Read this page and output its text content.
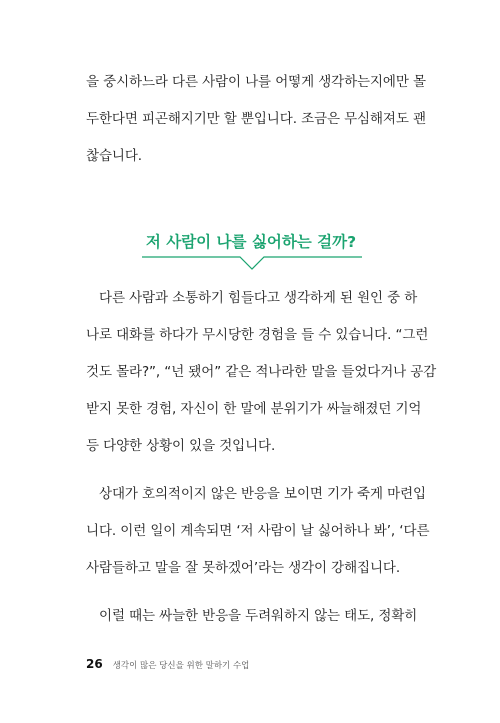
을 중시하느라 다른 사람이 나를 어떻게 생각하는지에만 몰
두한다면 피곤해지기만 할 뿐입니다. 조금은 무심해져도 괜
찮습니다.
저 사람이 나를 싫어하는 걸까?
다른 사람과 소통하기 힘들다고 생각하게 된 원인 중 하
나로 대화를 하다가 무시당한 경험을 들 수 있습니다. “그런
것도 몰라?”, “넌 됐어” 같은 적나라한 말을 들었다거나 공감
받지 못한 경험, 자신이 한 말에 분위기가 싸늘해졌던 기억
등 다양한 상황이 있을 것입니다.
상대가 호의적이지 않은 반응을 보이면 기가 죽게 마련입
니다. 이런 일이 계속되면 ‘저 사람이 날 싫어하나 봐’, ‘다른
사람들하고 말을 잘 못하겠어’라는 생각이 강해집니다.
이럴 때는 싸늘한 반응을 두려워하지 않는 태도, 정확히
26 생각이 많은 당신을 위한 말하기 수업
